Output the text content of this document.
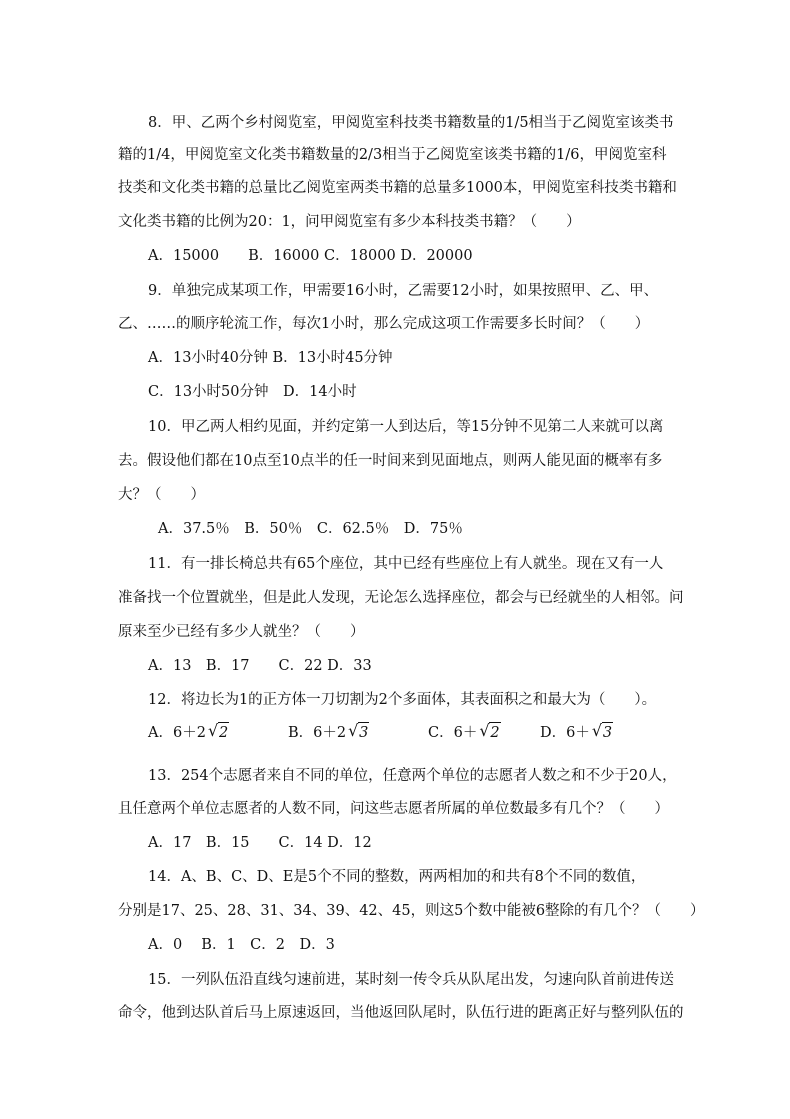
8．甲、乙两个乡村阅览室，甲阅览室科技类书籍数量的1/5相当于乙阅览室该类书
籍的1/4，甲阅览室文化类书籍数量的2/3相当于乙阅览室该类书籍的1/6，甲阅览室科
技类和文化类书籍的总量比乙阅览室两类书籍的总量多1000本，甲阅览室科技类书籍和
文化类书籍的比例为20：1，问甲阅览室有多少本科技类书籍？（　　）
A．15000　　B．16000 C．18000 D．20000
9．单独完成某项工作，甲需要16小时，乙需要12小时，如果按照甲、乙、甲、
乙、……的顺序轮流工作，每次1小时，那么完成这项工作需要多长时间？（　　）
A．13小时40分钟 B．13小时45分钟
C．13小时50分钟　D．14小时
10．甲乙两人相约见面，并约定第一人到达后，等15分钟不见第二人来就可以离
去。假设他们都在10点至10点半的任一时间来到见面地点，则两人能见面的概率有多
大？（　　）
A．37.5％　B．50％　C．62.5％　D．75％
11．有一排长椅总共有65个座位，其中已经有些座位上有人就坐。现在又有一人
准备找一个位置就坐，但是此人发现，无论怎么选择座位，都会与已经就坐的人相邻。问
原来至少已经有多少人就坐？（　　）
A．13　B．17　　C．22 D．33
12．将边长为1的正方体一刀切割为2个多面体，其表面积之和最大为（　　）。
A．6＋2 √ 2	B．6＋2 √ 3	C．6＋ √ 2	D．6＋ √ 3
13．254个志愿者来自不同的单位，任意两个单位的志愿者人数之和不少于20人，
且任意两个单位志愿者的人数不同，问这些志愿者所属的单位数最多有几个？（　　）
A．17　B．15　　C．14 D．12
14．A、B、C、D、E是5个不同的整数，两两相加的和共有8个不同的数值，
分别是17、25、28、31、34、39、42、45，则这5个数中能被6整除的有几个？（　　）
A．0　 B．1　C．2　D．3
15．一列队伍沿直线匀速前进，某时刻一传令兵从队尾出发，匀速向队首前进传送
命令，他到达队首后马上原速返回，当他返回队尾时，队伍行进的距离正好与整列队伍的
